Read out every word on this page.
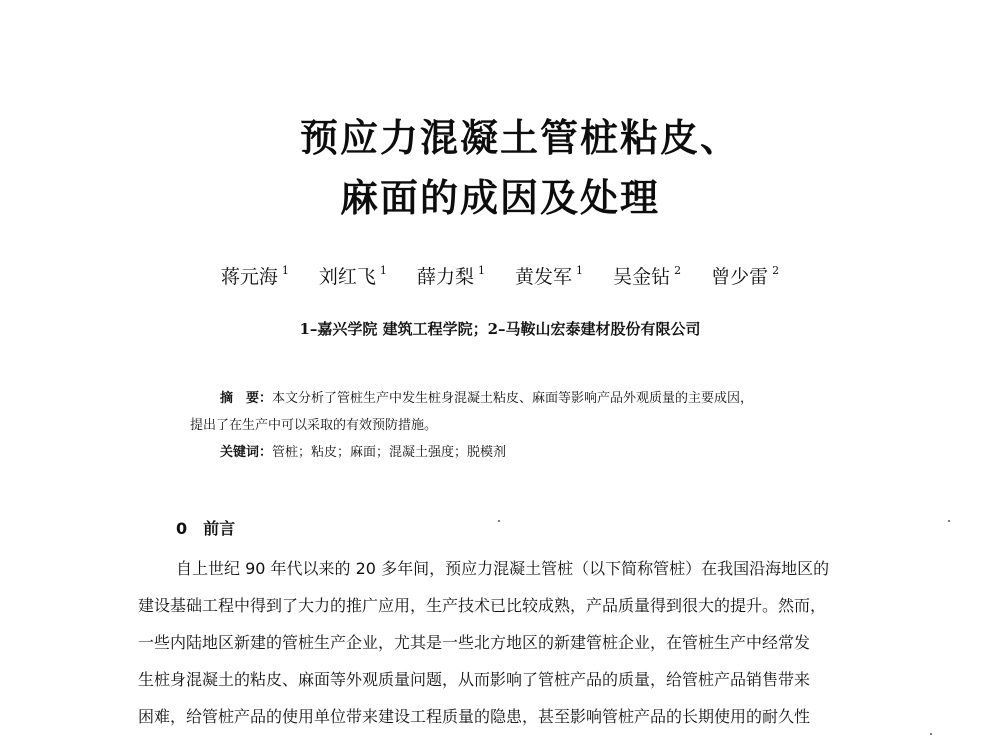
预应力混凝土管桩粘皮、
麻面的成因及处理
蒋元海 $^1$ 刘红飞 $^1$ 薛力梨 $^1$ 黄发军 $^1$ 吴金钻 $^2$ 曾少雷 $^2$
1–嘉兴学院 建筑工程学院；2–马鞍山宏泰建材股份有限公司
摘　要：本文分析了管桩生产中发生桩身混凝土粘皮、麻面等影响产品外观质量的主要成因，
提出了在生产中可以采取的有效预防措施。
关键词：管桩；粘皮；麻面；混凝土强度；脱模剂
0 前言
自上世纪 90 年代以来的 20 多年间，预应力混凝土管桩（以下简称管桩）在我国沿海地区的
建设基础工程中得到了大力的推广应用，生产技术已比较成熟，产品质量得到很大的提升。然而，
一些内陆地区新建的管桩生产企业，尤其是一些北方地区的新建管桩企业，在管桩生产中经常发
生桩身混凝土的粘皮、麻面等外观质量问题，从而影响了管桩产品的质量，给管桩产品销售带来
困难，给管桩产品的使用单位带来建设工程质量的隐患，甚至影响管桩产品的长期使用的耐久性
